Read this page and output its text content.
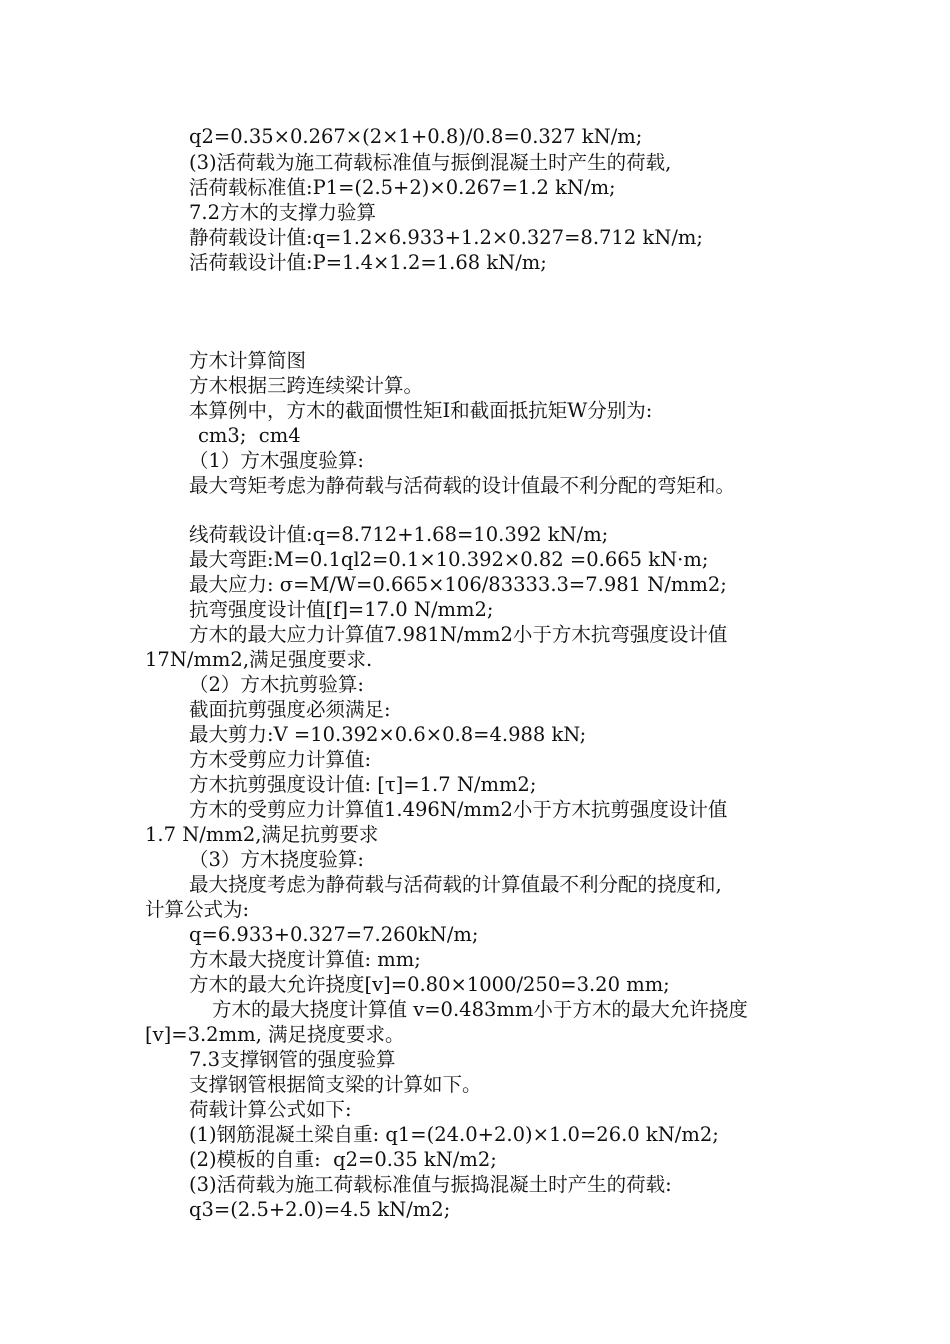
q2=0.35×0.267×(2×1+0.8)/0.8=0.327 kN/m;
(3)活荷载为施工荷载标准值与振倒混凝土时产生的荷载,
活荷载标准值:P1=(2.5+2)×0.267=1.2 kN/m;
7.2方木的支撑力验算
静荷载设计值:q=1.2×6.933+1.2×0.327=8.712 kN/m;
活荷载设计值:P=1.4×1.2=1.68 kN/m;
方木计算简图
方木根据三跨连续梁计算。
本算例中，方木的截面惯性矩I和截面抵抗矩W分别为:
cm3;  cm4
（1）方木强度验算:
最大弯矩考虑为静荷载与活荷载的设计值最不利分配的弯矩和。
线荷载设计值:q=8.712+1.68=10.392 kN/m;
最大弯距:M=0.1ql2=0.1×10.392×0.82 =0.665 kN·m;
最大应力: σ=M/W=0.665×106/83333.3=7.981 N/mm2;
抗弯强度设计值[f]=17.0 N/mm2;
方木的最大应力计算值7.981N/mm2小于方木抗弯强度设计值
17N/mm2,满足强度要求.
（2）方木抗剪验算:
截面抗剪强度必须满足:
最大剪力:V =10.392×0.6×0.8=4.988 kN;
方木受剪应力计算值:
方木抗剪强度设计值: [τ]=1.7 N/mm2;
方木的受剪应力计算值1.496N/mm2小于方木抗剪强度设计值
1.7 N/mm2,满足抗剪要求
（3）方木挠度验算:
最大挠度考虑为静荷载与活荷载的计算值最不利分配的挠度和,
计算公式为:
q=6.933+0.327=7.260kN/m;
方木最大挠度计算值: mm;
方木的最大允许挠度[v]=0.80×1000/250=3.20 mm;
方木的最大挠度计算值 v=0.483mm小于方木的最大允许挠度
[v]=3.2mm, 满足挠度要求。
7.3支撑钢管的强度验算
支撑钢管根据简支梁的计算如下。
荷载计算公式如下:
(1)钢筋混凝土梁自重: q1=(24.0+2.0)×1.0=26.0 kN/m2;
(2)模板的自重:  q2=0.35 kN/m2;
(3)活荷载为施工荷载标准值与振捣混凝土时产生的荷载:
q3=(2.5+2.0)=4.5 kN/m2;
